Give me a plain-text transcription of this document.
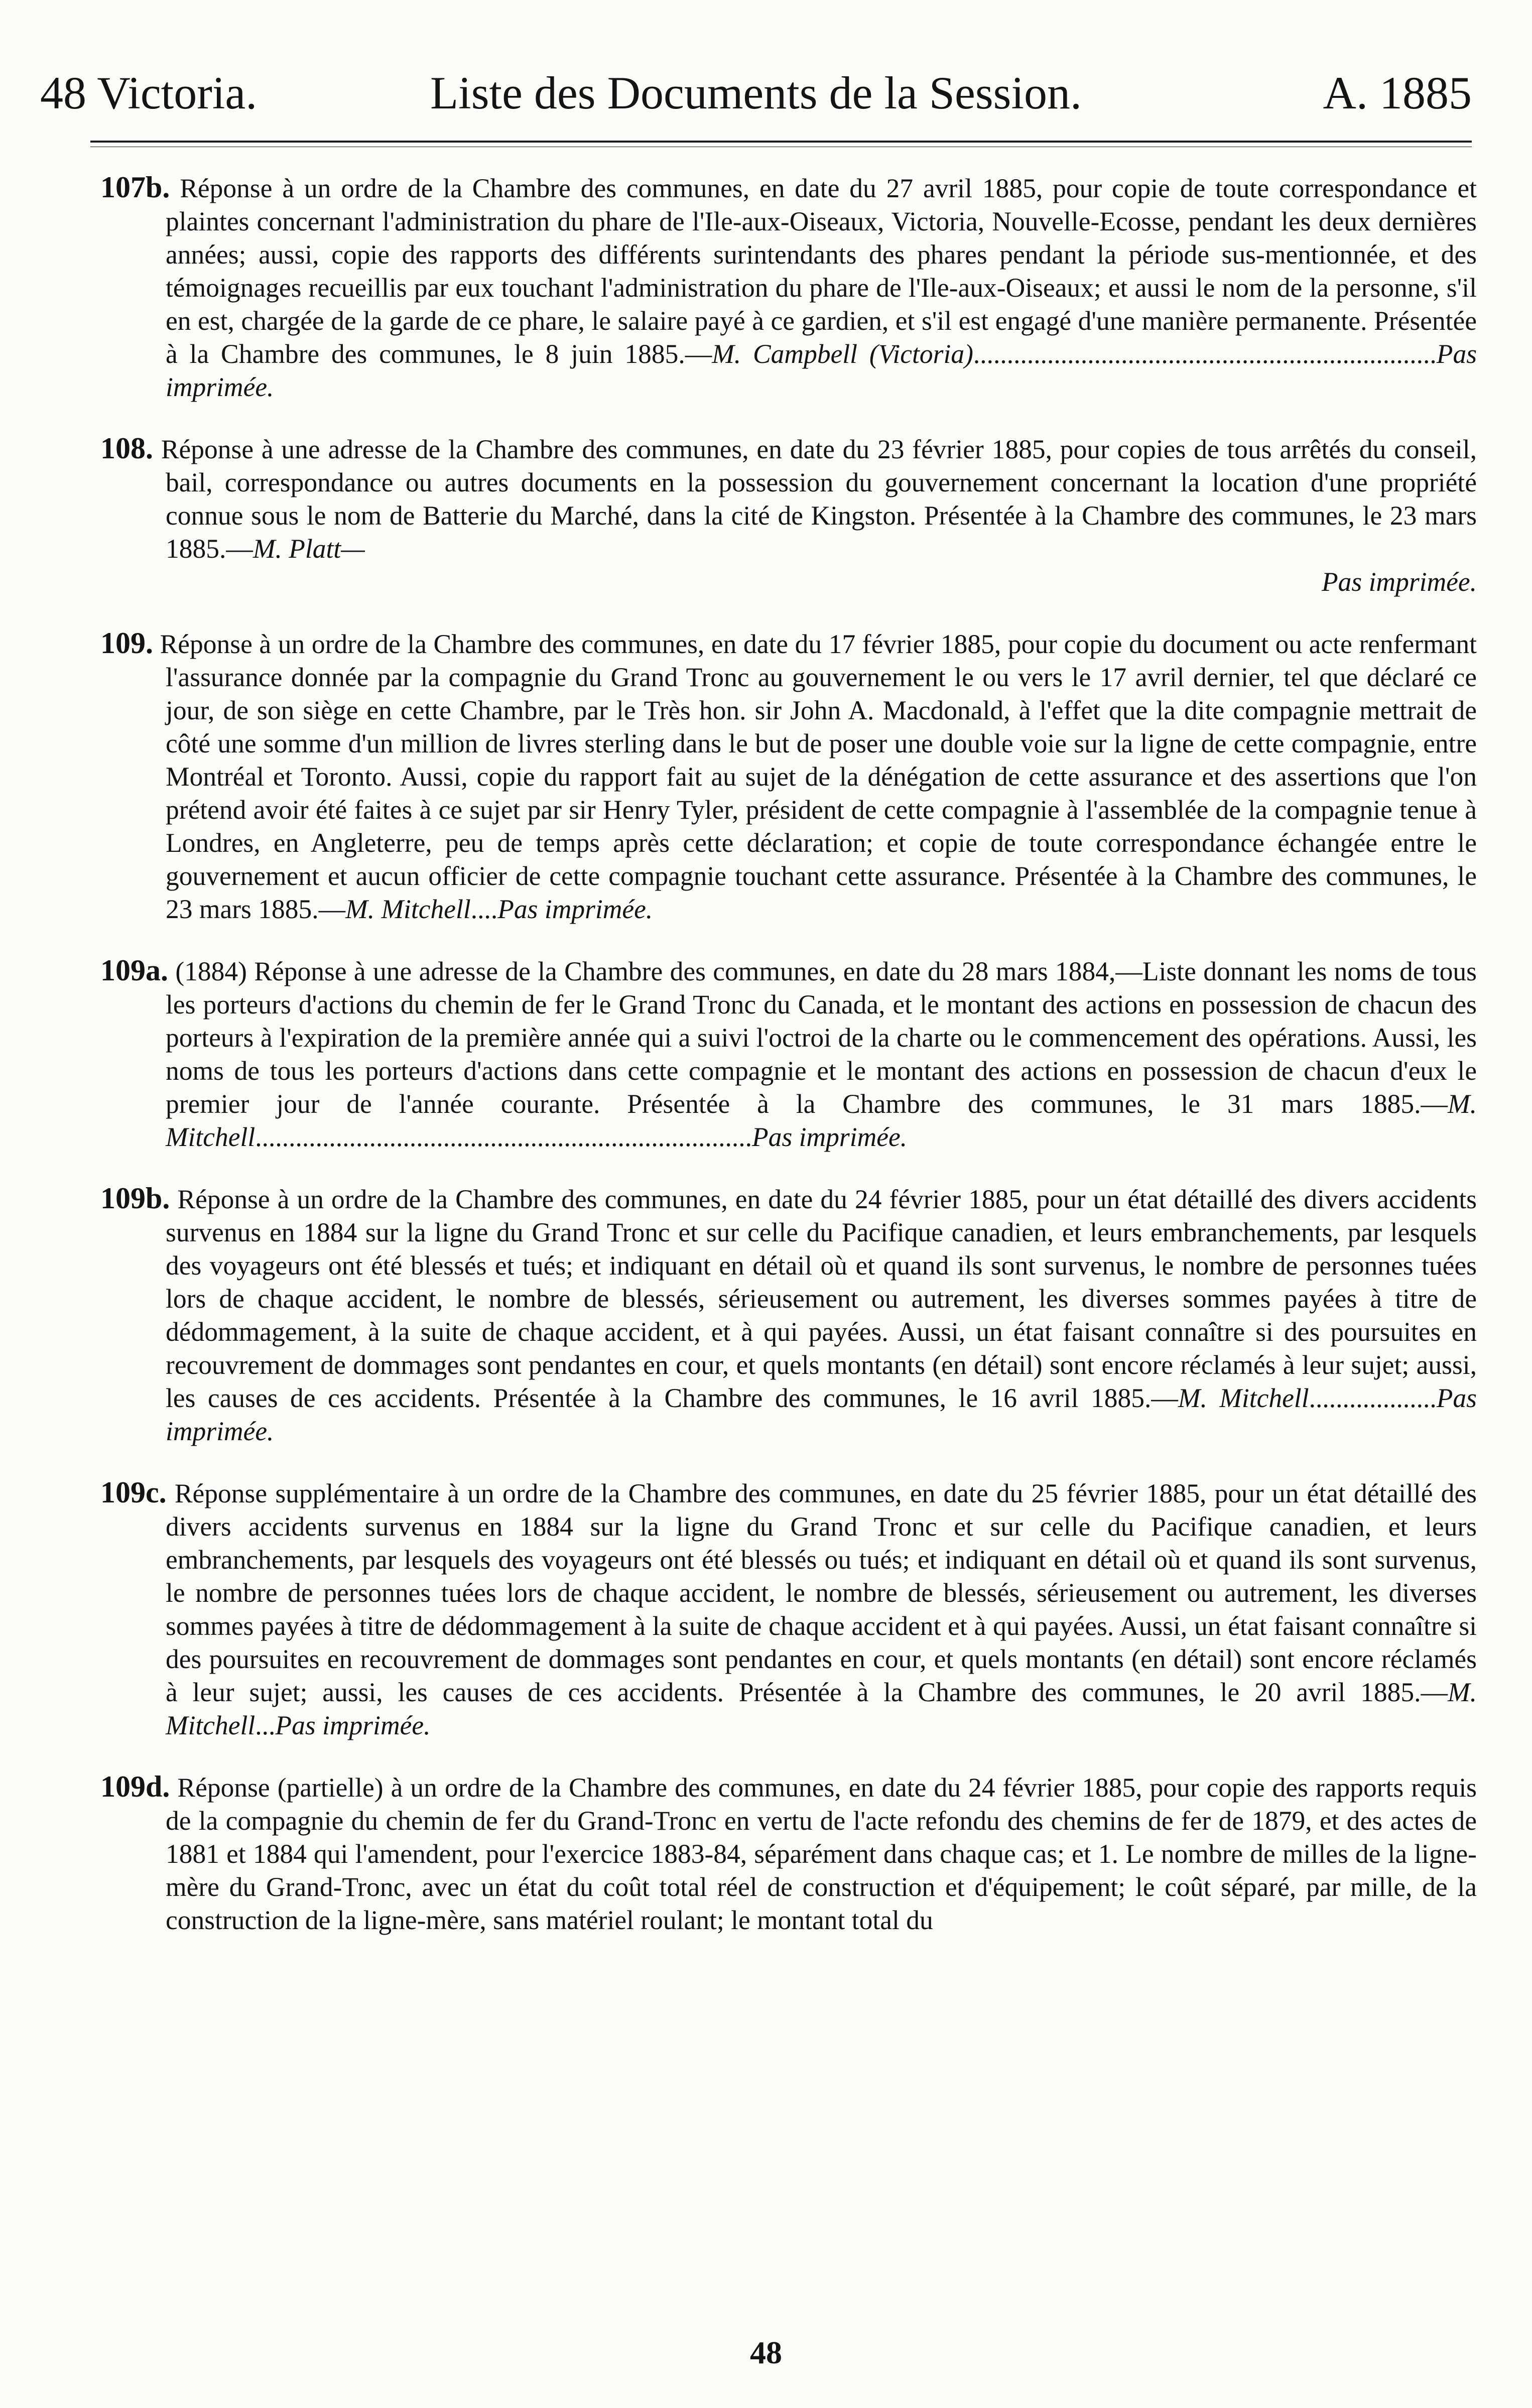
48 Victoria.	Liste des Documents de la Session.	A. 1885

107b. Réponse à un ordre de la Chambre des communes, en date du 27 avril 1885, pour copie de toute correspondance et plaintes concernant l'administration du phare de l'Ile-aux-Oiseaux, Victoria, Nouvelle-Ecosse, pendant les deux dernières années; aussi, copie des rapports des différents surintendants des phares pendant la période sus-mentionnée, et des témoignages recueillis par eux touchant l'administration du phare de l'Ile-aux-Oiseaux; et aussi le nom de la personne, s'il en est, chargée de la garde de ce phare, le salaire payé à ce gardien, et s'il est engagé d'une manière permanente. Présentée à la Chambre des communes, le 8 juin 1885.—M. Campbell (Victoria).....................................................................Pas imprimée.

108. Réponse à une adresse de la Chambre des communes, en date du 23 février 1885, pour copies de tous arrêtés du conseil, bail, correspondance ou autres documents en la possession du gouvernement concernant la location d'une propriété connue sous le nom de Batterie du Marché, dans la cité de Kingston. Présentée à la Chambre des communes, le 23 mars 1885.—M. Platt—
Pas imprimée.

109. Réponse à un ordre de la Chambre des communes, en date du 17 février 1885, pour copie du document ou acte renfermant l'assurance donnée par la compagnie du Grand Tronc au gouvernement le ou vers le 17 avril dernier, tel que déclaré ce jour, de son siège en cette Chambre, par le Très hon. sir John A. Macdonald, à l'effet que la dite compagnie mettrait de côté une somme d'un million de livres sterling dans le but de poser une double voie sur la ligne de cette compagnie, entre Montréal et Toronto. Aussi, copie du rapport fait au sujet de la dénégation de cette assurance et des assertions que l'on prétend avoir été faites à ce sujet par sir Henry Tyler, président de cette compagnie à l'assemblée de la compagnie tenue à Londres, en Angleterre, peu de temps après cette déclaration; et copie de toute correspondance échangée entre le gouvernement et aucun officier de cette compagnie touchant cette assurance. Présentée à la Chambre des communes, le 23 mars 1885.—M. Mitchell....Pas imprimée.

109a. (1884) Réponse à une adresse de la Chambre des communes, en date du 28 mars 1884,—Liste donnant les noms de tous les porteurs d'actions du chemin de fer le Grand Tronc du Canada, et le montant des actions en possession de chacun des porteurs à l'expiration de la première année qui a suivi l'octroi de la charte ou le commencement des opérations. Aussi, les noms de tous les porteurs d'actions dans cette compagnie et le montant des actions en possession de chacun d'eux le premier jour de l'année courante. Présentée à la Chambre des communes, le 31 mars 1885.—M. Mitchell..........................................................................Pas imprimée.

109b. Réponse à un ordre de la Chambre des communes, en date du 24 février 1885, pour un état détaillé des divers accidents survenus en 1884 sur la ligne du Grand Tronc et sur celle du Pacifique canadien, et leurs embranchements, par lesquels des voyageurs ont été blessés et tués; et indiquant en détail où et quand ils sont survenus, le nombre de personnes tuées lors de chaque accident, le nombre de blessés, sérieusement ou autrement, les diverses sommes payées à titre de dédommagement, à la suite de chaque accident, et à qui payées. Aussi, un état faisant connaître si des poursuites en recouvrement de dommages sont pendantes en cour, et quels montants (en détail) sont encore réclamés à leur sujet; aussi, les causes de ces accidents. Présentée à la Chambre des communes, le 16 avril 1885.—M. Mitchell...................Pas imprimée.

109c. Réponse supplémentaire à un ordre de la Chambre des communes, en date du 25 février 1885, pour un état détaillé des divers accidents survenus en 1884 sur la ligne du Grand Tronc et sur celle du Pacifique canadien, et leurs embranchements, par lesquels des voyageurs ont été blessés ou tués; et indiquant en détail où et quand ils sont survenus, le nombre de personnes tuées lors de chaque accident, le nombre de blessés, sérieusement ou autrement, les diverses sommes payées à titre de dédommagement à la suite de chaque accident et à qui payées. Aussi, un état faisant connaître si des poursuites en recouvrement de dommages sont pendantes en cour, et quels montants (en détail) sont encore réclamés à leur sujet; aussi, les causes de ces accidents. Présentée à la Chambre des communes, le 20 avril 1885.—M. Mitchell...Pas imprimée.

109d. Réponse (partielle) à un ordre de la Chambre des communes, en date du 24 février 1885, pour copie des rapports requis de la compagnie du chemin de fer du Grand-Tronc en vertu de l'acte refondu des chemins de fer de 1879, et des actes de 1881 et 1884 qui l'amendent, pour l'exercice 1883-84, séparément dans chaque cas; et 1. Le nombre de milles de la ligne-mère du Grand-Tronc, avec un état du coût total réel de construction et d'équipement; le coût séparé, par mille, de la construction de la ligne-mère, sans matériel roulant; le montant total du

48
